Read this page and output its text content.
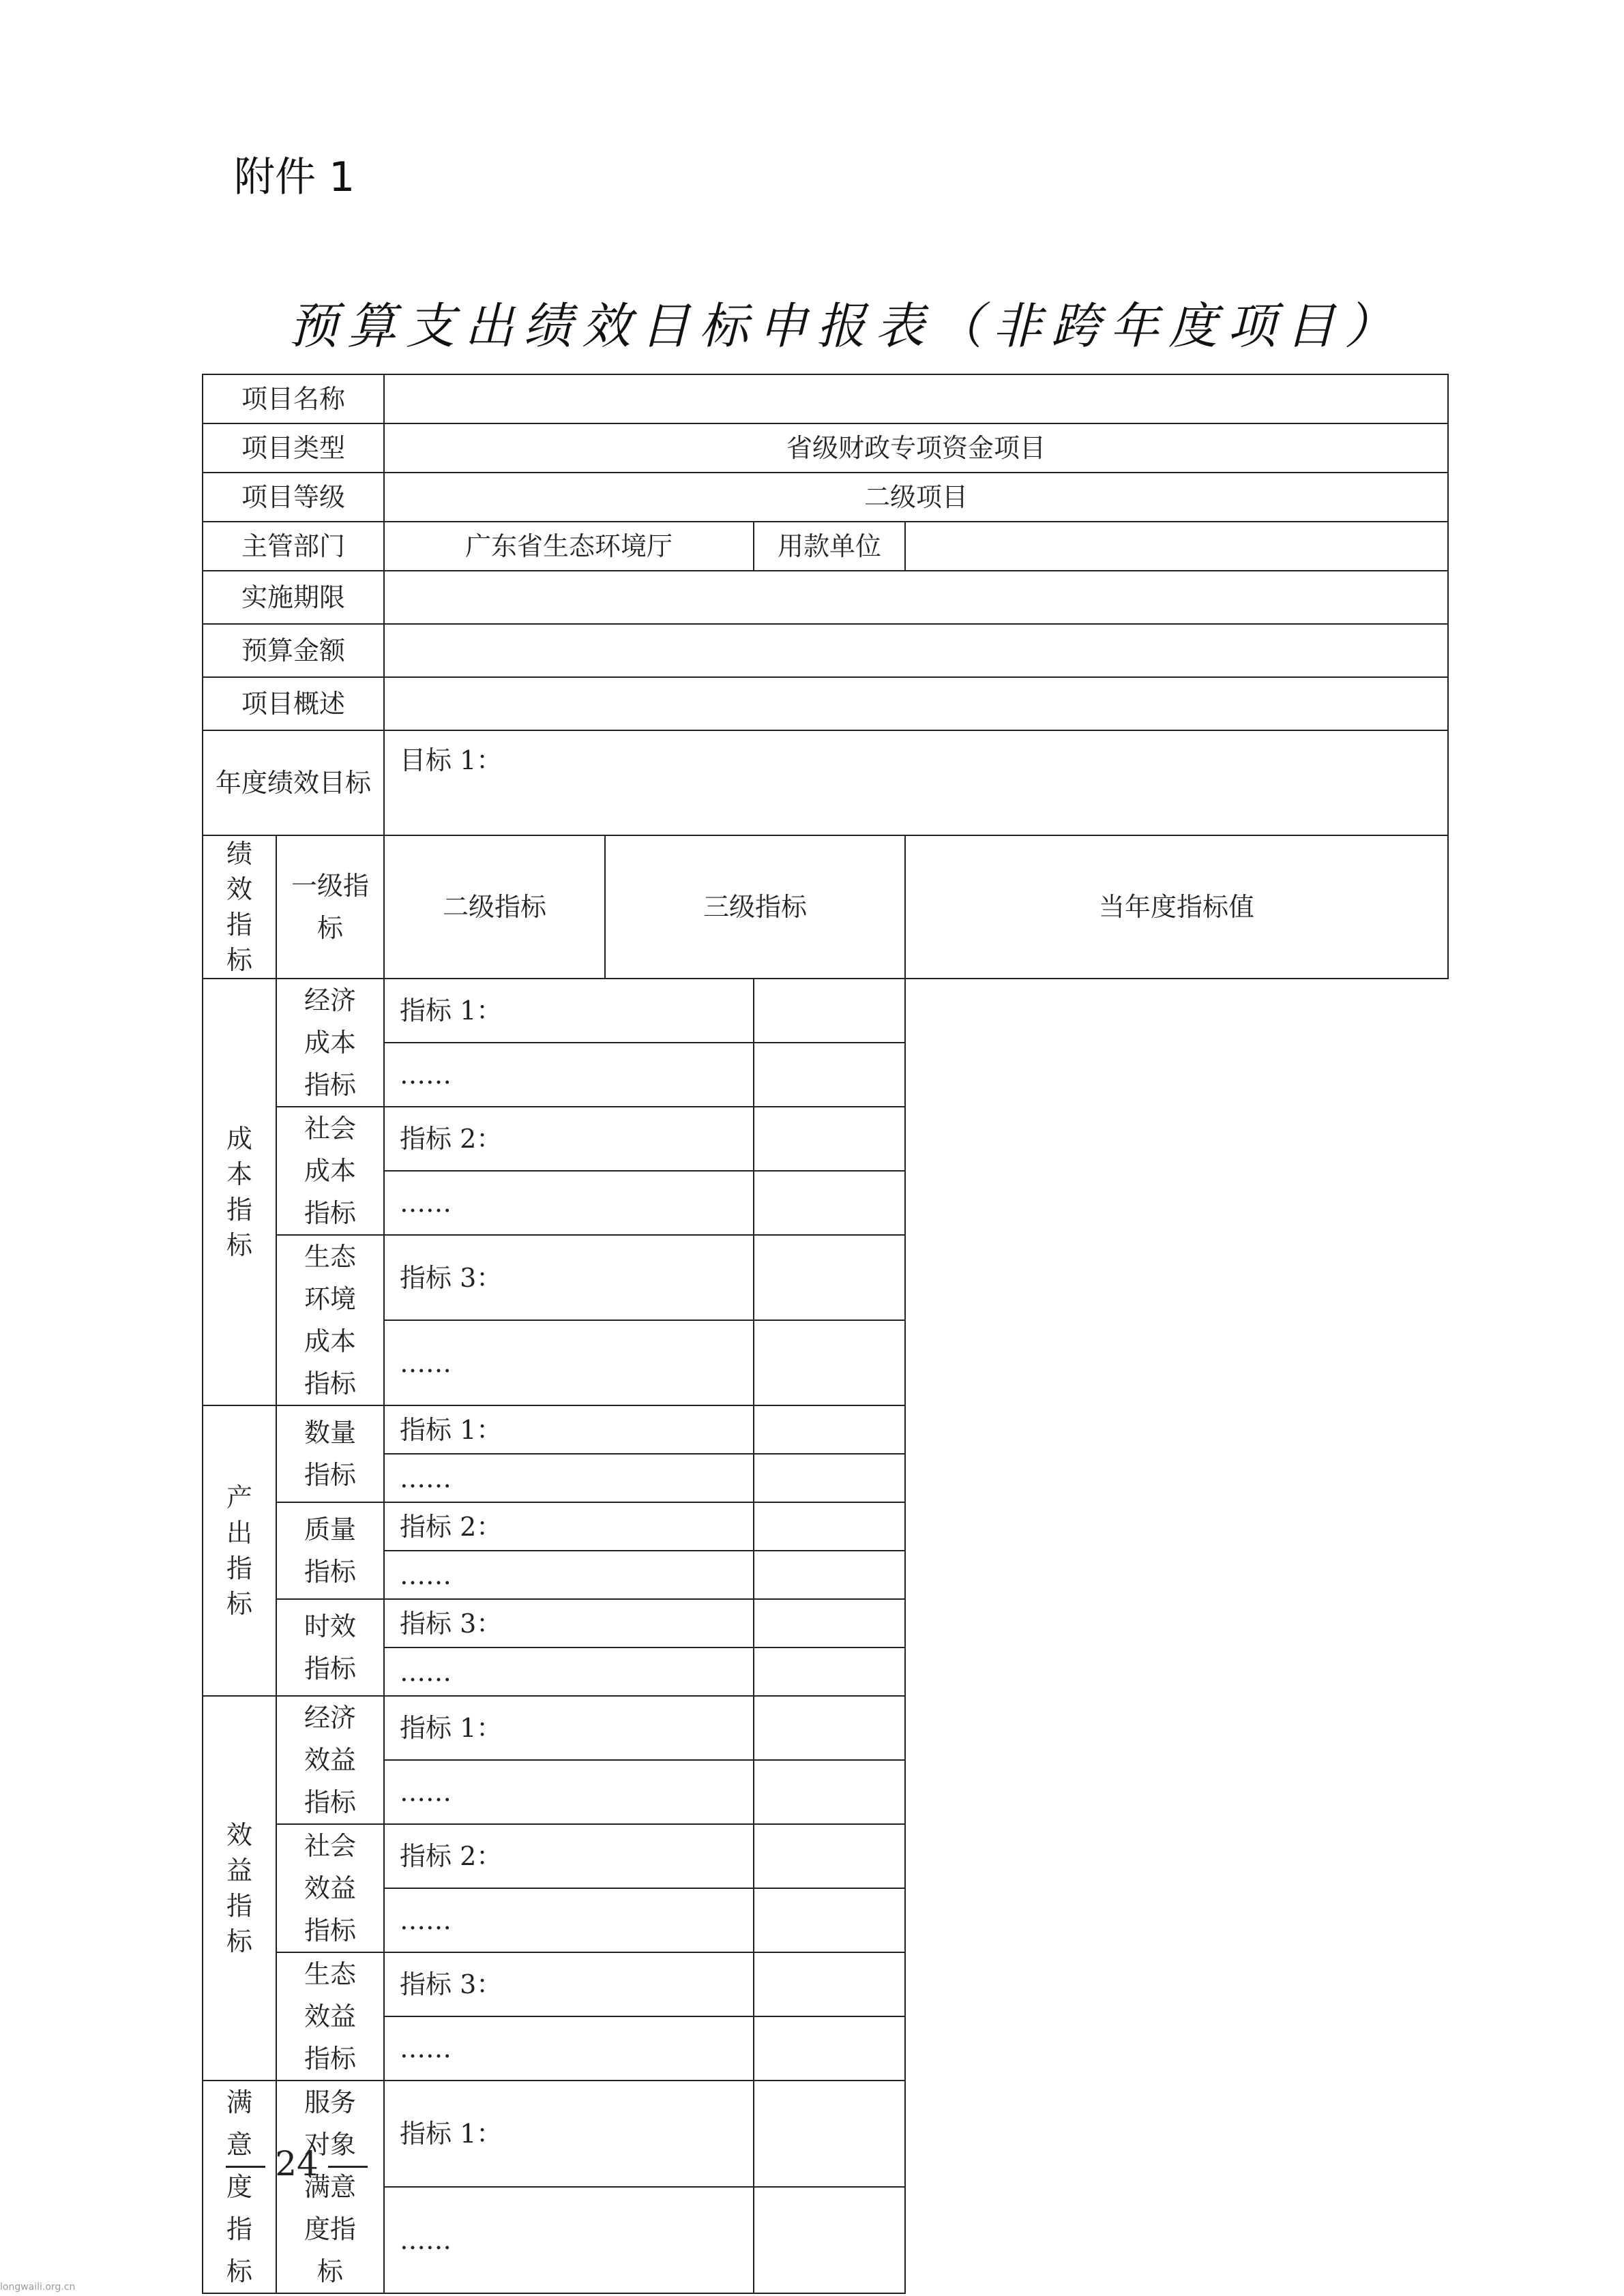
附件 1
预算支出绩效目标申报表（非跨年度项目）
项目名称					
项目类型		省级财政专项资金项目			
项目等级		二级项目			
主管部门		广东省生态环境厅		用款单位	
实施期限					
预算金额					
项目概述					
年度绩效目标		目标 1：			
绩效指标	一级指标	二级指标	三级指标		当年度指标值
成本指标	经济成本指标	指标 1：			
		……			
	社会成本指标	指标 2：			
		……			
	生态环境成本指标	指标 3：			
		……			
产出指标	数量指标	指标 1：			
		……			
	质量指标	指标 2：			
		……			
	时效指标	指标 3：			
		……			
效益指标	经济效益指标	指标 1：			
		……			
	社会效益指标	指标 2：			
		……			
	生态效益指标	指标 3：			
		……			
满意度指标	服务对象满意度指标	指标 1：			
		……			
24
longwaili.org.cn
